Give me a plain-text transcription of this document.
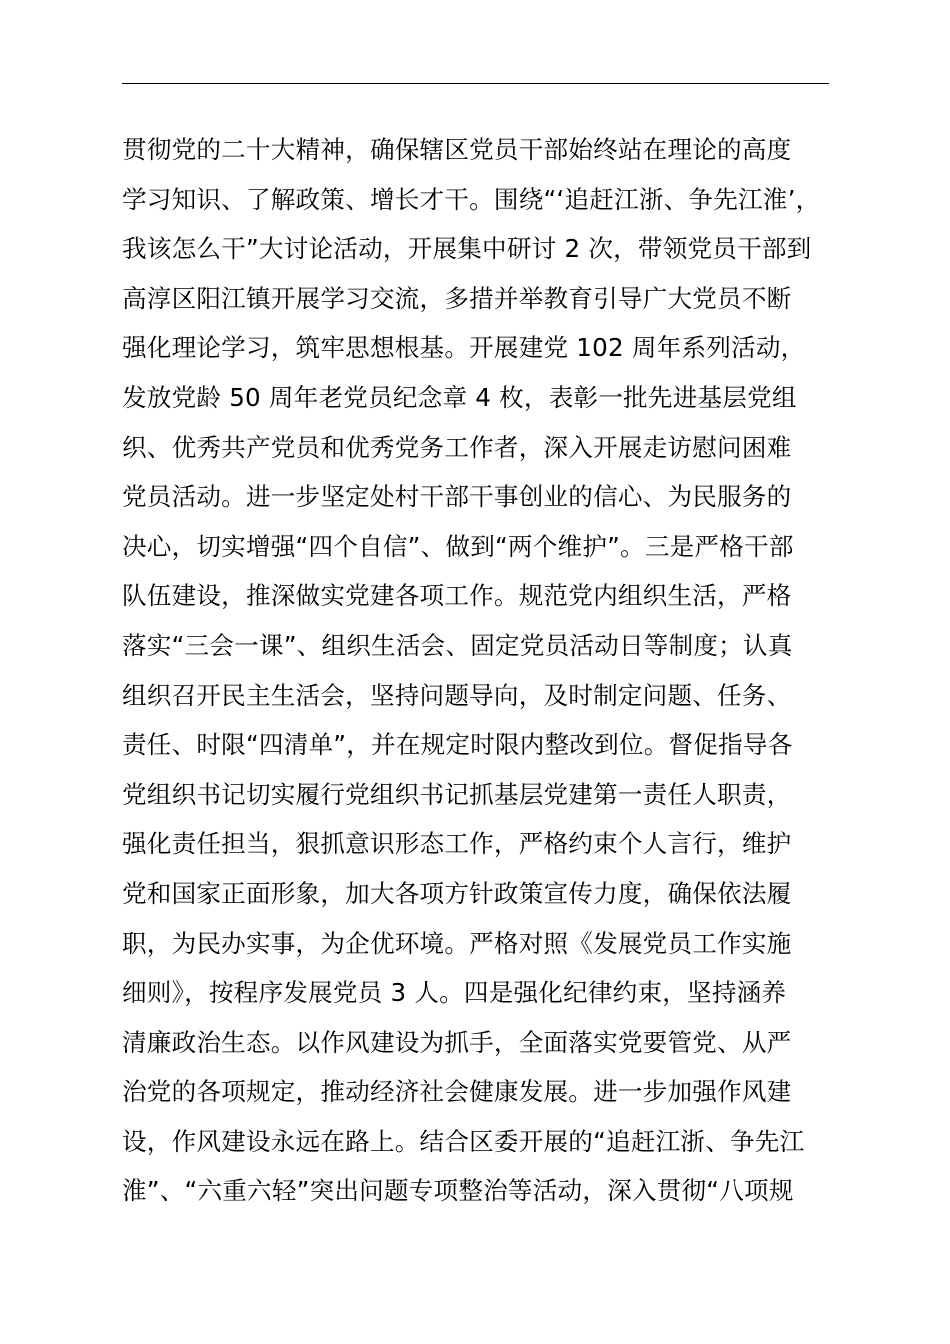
贯彻党的二十大精神，确保辖区党员干部始终站在理论的高度
学习知识、了解政策、增长才干。围绕“‘追赶江浙、争先江淮’，
我该怎么干”大讨论活动，开展集中研讨 2 次，带领党员干部到
高淳区阳江镇开展学习交流，多措并举教育引导广大党员不断
强化理论学习，筑牢思想根基。开展建党 102 周年系列活动，
发放党龄 50 周年老党员纪念章 4 枚，表彰一批先进基层党组
织、优秀共产党员和优秀党务工作者，深入开展走访慰问困难
党员活动。进一步坚定处村干部干事创业的信心、为民服务的
决心，切实增强“四个自信”、做到“两个维护”。三是严格干部
队伍建设，推深做实党建各项工作。规范党内组织生活，严格
落实“三会一课”、组织生活会、固定党员活动日等制度；认真
组织召开民主生活会，坚持问题导向，及时制定问题、任务、
责任、时限“四清单”，并在规定时限内整改到位。督促指导各
党组织书记切实履行党组织书记抓基层党建第一责任人职责，
强化责任担当，狠抓意识形态工作，严格约束个人言行，维护
党和国家正面形象，加大各项方针政策宣传力度，确保依法履
职，为民办实事，为企优环境。严格对照《发展党员工作实施
细则》，按程序发展党员 3 人。四是强化纪律约束，坚持涵养
清廉政治生态。以作风建设为抓手，全面落实党要管党、从严
治党的各项规定，推动经济社会健康发展。进一步加强作风建
设，作风建设永远在路上。结合区委开展的“追赶江浙、争先江
淮”、“六重六轻”突出问题专项整治等活动，深入贯彻“八项规
